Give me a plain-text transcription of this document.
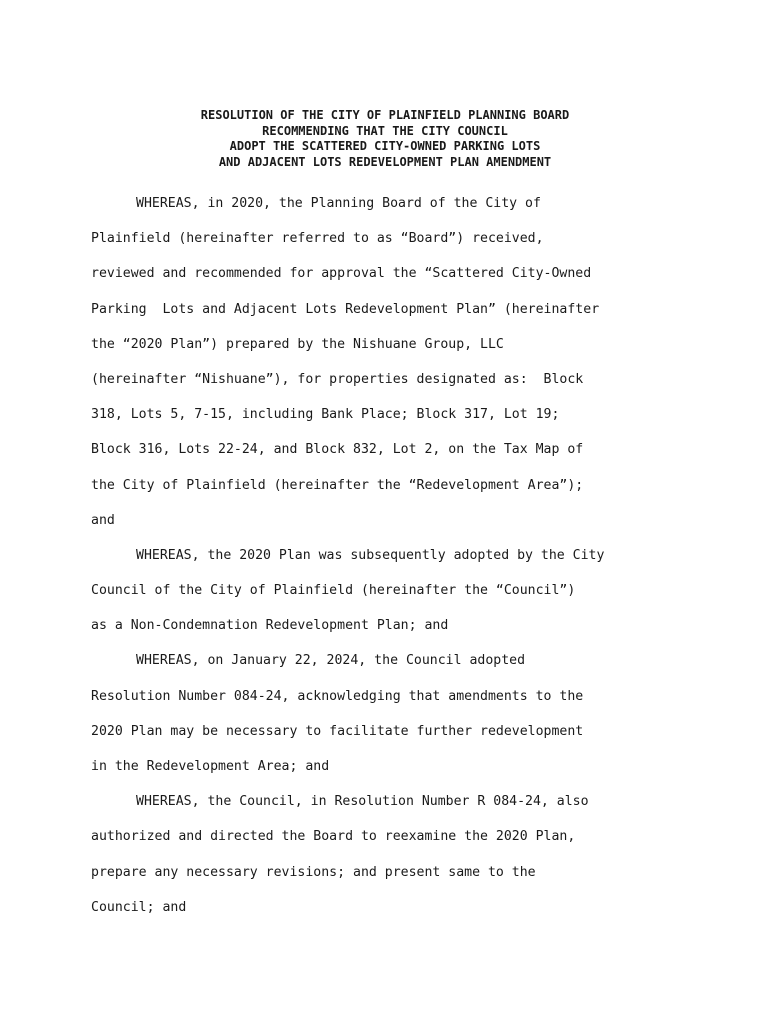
RESOLUTION OF THE CITY OF PLAINFIELD PLANNING BOARD
RECOMMENDING THAT THE CITY COUNCIL
ADOPT THE SCATTERED CITY-OWNED PARKING LOTS
AND ADJACENT LOTS REDEVELOPMENT PLAN AMENDMENT
WHEREAS, in 2020, the Planning Board of the City of
Plainfield (hereinafter referred to as “Board”) received,
reviewed and recommended for approval the “Scattered City-Owned
Parking  Lots and Adjacent Lots Redevelopment Plan” (hereinafter
the “2020 Plan”) prepared by the Nishuane Group, LLC
(hereinafter “Nishuane”), for properties designated as:  Block
318, Lots 5, 7-15, including Bank Place; Block 317, Lot 19;
Block 316, Lots 22-24, and Block 832, Lot 2, on the Tax Map of
the City of Plainfield (hereinafter the “Redevelopment Area”);
and
WHEREAS, the 2020 Plan was subsequently adopted by the City
Council of the City of Plainfield (hereinafter the “Council”)
as a Non-Condemnation Redevelopment Plan; and
WHEREAS, on January 22, 2024, the Council adopted
Resolution Number 084-24, acknowledging that amendments to the
2020 Plan may be necessary to facilitate further redevelopment
in the Redevelopment Area; and
WHEREAS, the Council, in Resolution Number R 084-24, also
authorized and directed the Board to reexamine the 2020 Plan,
prepare any necessary revisions; and present same to the
Council; and
